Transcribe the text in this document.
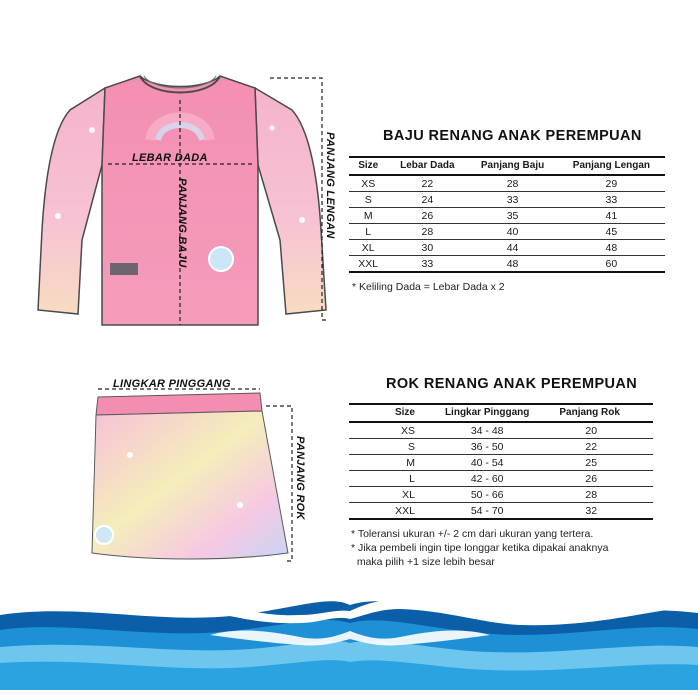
LEBAR DADA
PANJANG BAJU	PANJANG LENGAN	BAJU RENANG ANAK PEREMPUAN
Size	Lebar Dada	Panjang Baju	Panjang Lengan
XS	22	28	29
S	24	33	33
M	26	35	41
L	28	40	45
XL	30	44	48
XXL	33	48	60
* Keliling Dada = Lebar Dada x 2
LINGKAR PINGGANG
PANJANG ROK
ROK RENANG ANAK PEREMPUAN
Size	Lingkar Pinggang	Panjang Rok
XS	34 - 48	20
S	36 - 50	22
M	40 - 54	25
L	42 - 60	26
XL	50 - 66	28
XXL	54 - 70	32
* Toleransi ukuran +/- 2 cm dari ukuran yang tertera.
* Jika pembeli ingin tipe longgar ketika dipakai anaknya
maka pilih +1 size lebih besar
